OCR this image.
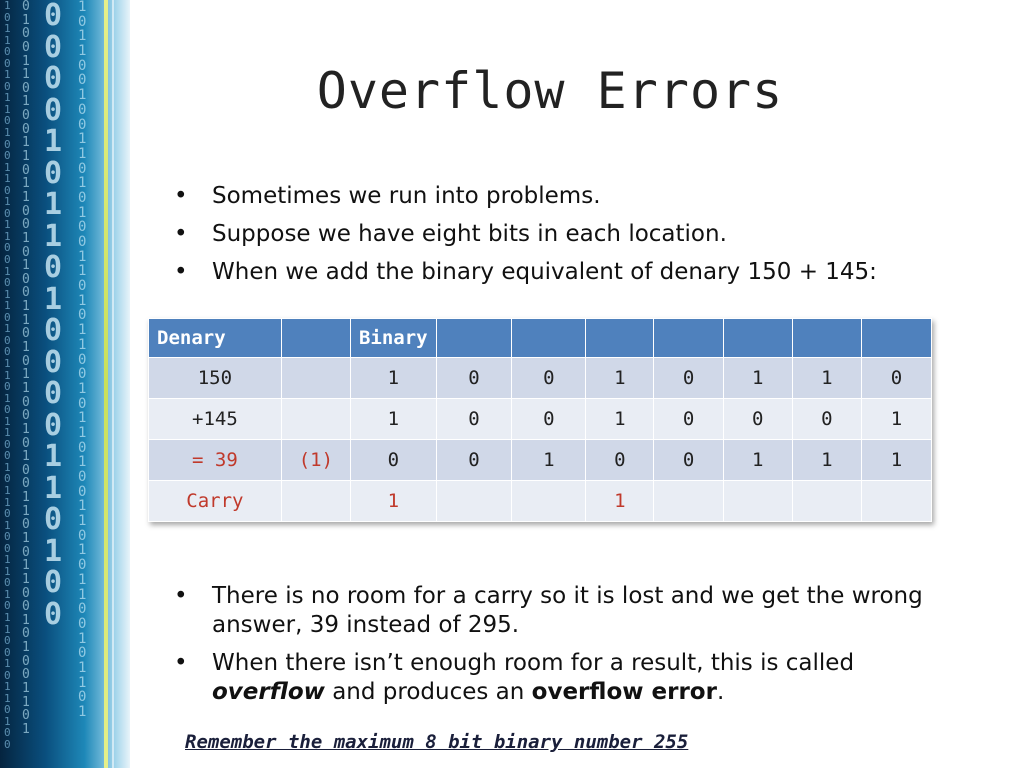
1
0
1
1
0
0
1
0
1
1
0
1
0
0
1
1
0
1
0
1
1
0
0
1
0
1
1
0
1
0
0
1
1
0
1
0
1
1
0
0
1
0
1
1
0
1
0
0
1
1
0
1
0
1
1
0
0
1
0
1
1
0
1
0
0
0
1
0
0
1
1
0
1
0
0
1
1
0
1
1
0
0
1
0
1
0
0
1
1
0
1
0
1
1
0
0
1
0
1
0
0
1
1
0
1
0
1
1
0
0
1
0
1
0
0
1
1
0
1
0
0
0
0
1
0
1
1
0
1
0
0
0
0
1
1
0
1
0
0
1
0
1
1
0
0
1
0
0
1
1
0
1
0
1
0
0
1
1
0
1
0
1
1
0
0
1
0
1
1
0
1
0
0
1
1
0
1
0
1
1
0
0
1
0
1
1
0
1
Overflow Errors
• Sometimes we run into problems.
• Suppose we have eight bits in each location.
• When we add the binary equivalent of denary 150 + 145:
Denary		Binary							
150		1	0	0	1	0	1	1	0
+145		1	0	0	1	0	0	0	1
= 39	(1)	0	0	1	0	0	1	1	1
Carry		1			1				
• There is no room for a carry so it is lost and we get the wrong answer, 39 instead of 295.
• When there isn’t enough room for a result, this is called overflow and produces an overflow error.
Remember the maximum 8 bit binary number 255
